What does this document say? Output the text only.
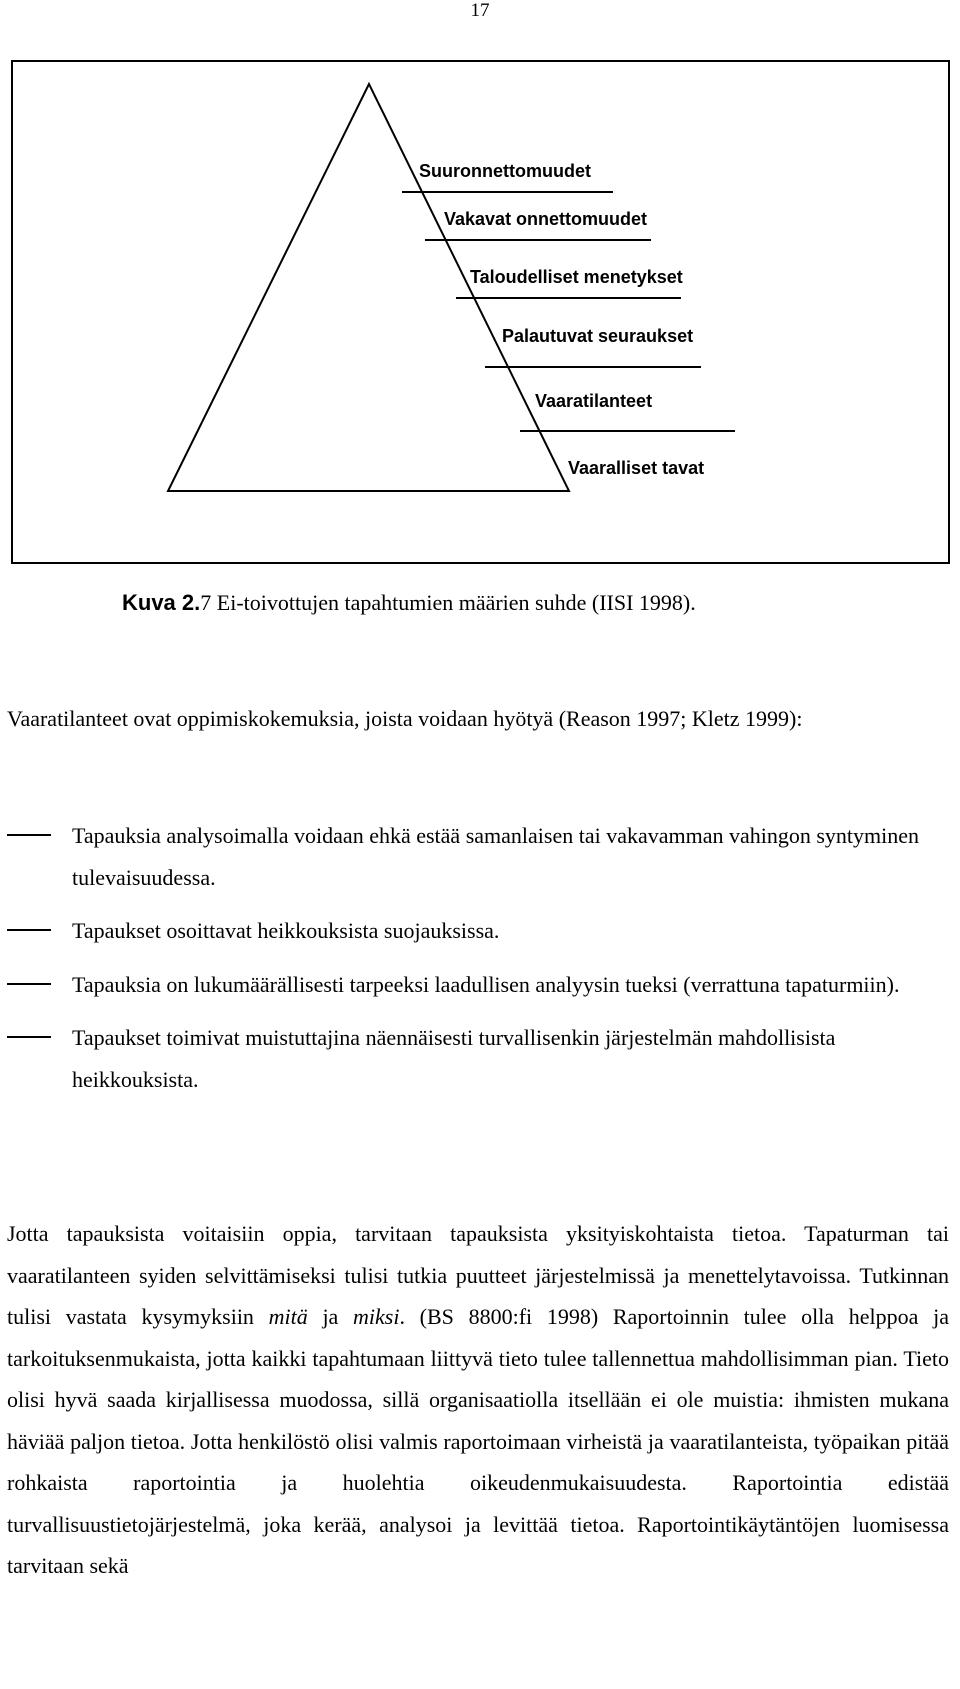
17
Suuronnettomuudet
Vakavat onnettomuudet
Taloudelliset menetykset
Palautuvat seuraukset
Vaaratilanteet
Vaaralliset tavat
Kuva 2.7 Ei-toivottujen tapahtumien määrien suhde (IISI 1998).
Vaaratilanteet ovat oppimiskokemuksia, joista voidaan hyötyä (Reason 1997; Kletz 1999):
Tapauksia analysoimalla voidaan ehkä estää samanlaisen tai vakavamman vahingon syntyminen tulevaisuudessa.
Tapaukset osoittavat heikkouksista suojauksissa.
Tapauksia on lukumäärällisesti tarpeeksi laadullisen analyysin tueksi (verrattuna tapaturmiin).
Tapaukset toimivat muistuttajina näennäisesti turvallisenkin järjestelmän mahdollisista heikkouksista.
Jotta tapauksista voitaisiin oppia, tarvitaan tapauksista yksityiskohtaista tietoa. Tapaturman tai vaaratilanteen syiden selvittämiseksi tulisi tutkia puutteet järjestelmissä ja menettelytavoissa. Tutkinnan tulisi vastata kysymyksiin mitä ja miksi. (BS 8800:fi 1998) Raportoinnin tulee olla helppoa ja tarkoituksenmukaista, jotta kaikki tapahtumaan liittyvä tieto tulee tallennettua mahdollisimman pian. Tieto olisi hyvä saada kirjallisessa muodossa, sillä organisaatiolla itsellään ei ole muistia: ihmisten mukana häviää paljon tietoa. Jotta henkilöstö olisi valmis raportoimaan virheistä ja vaaratilanteista, työpaikan pitää rohkaista raportointia ja huolehtia oikeudenmukaisuudesta. Raportointia edistää turvallisuustietojärjestelmä, joka kerää, analysoi ja levittää tietoa. Raportointikäytäntöjen luomisessa tarvitaan sekä
